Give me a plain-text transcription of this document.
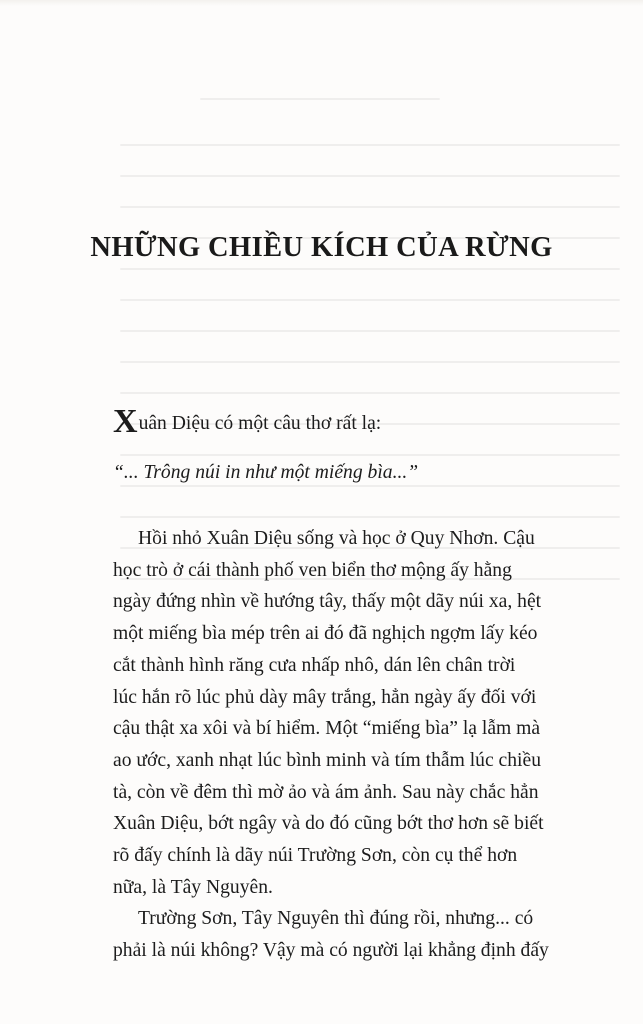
NHỮNG CHIỀU KÍCH CỦA RỪNG
Xuân Diệu có một câu thơ rất lạ:
“... Trông núi in như một miếng bìa...”
Hồi nhỏ Xuân Diệu sống và học ở Quy Nhơn. Cậu
học trò ở cái thành phố ven biển thơ mộng ấy hằng
ngày đứng nhìn về hướng tây, thấy một dãy núi xa, hệt
một miếng bìa mép trên ai đó đã nghịch ngợm lấy kéo
cắt thành hình răng cưa nhấp nhô, dán lên chân trời
lúc hắn rõ lúc phủ dày mây trắng, hẳn ngày ấy đối với
cậu thật xa xôi và bí hiểm. Một “miếng bìa” lạ lẫm mà
ao ước, xanh nhạt lúc bình minh và tím thẫm lúc chiều
tà, còn về đêm thì mờ ảo và ám ảnh. Sau này chắc hẳn
Xuân Diệu, bớt ngây và do đó cũng bớt thơ hơn sẽ biết
rõ đấy chính là dãy núi Trường Sơn, còn cụ thể hơn
nữa, là Tây Nguyên.
Trường Sơn, Tây Nguyên thì đúng rồi, nhưng... có
phải là núi không? Vậy mà có người lại khẳng định đấy
